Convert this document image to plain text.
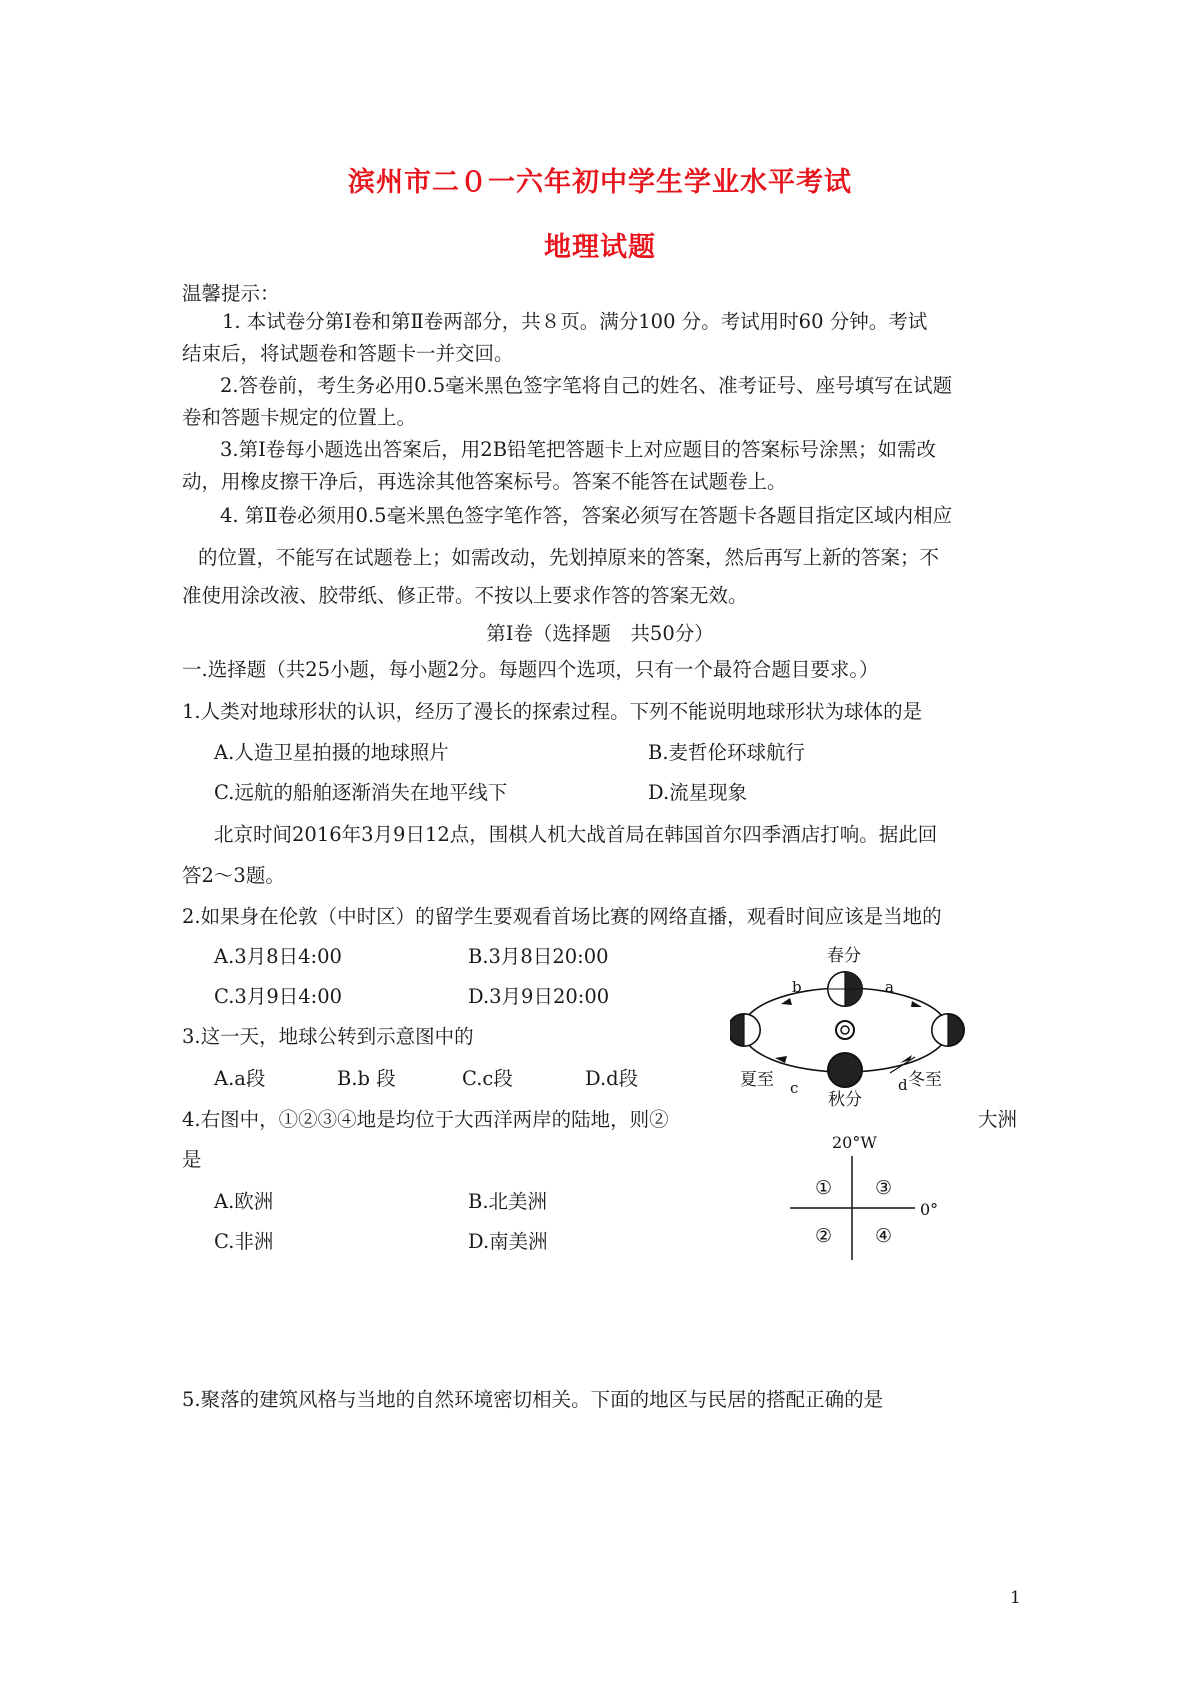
滨州市二０一六年初中学生学业水平考试
地理试题
温馨提示：
1. 本试卷分第Ⅰ卷和第Ⅱ卷两部分，共８页。满分100 分。考试用时60 分钟。考试
结束后，将试题卷和答题卡一并交回。
2.答卷前，考生务必用0.5毫米黑色签字笔将自己的姓名、准考证号、座号填写在试题
卷和答题卡规定的位置上。
3.第Ⅰ卷每小题选出答案后，用2B铅笔把答题卡上对应题目的答案标号涂黑；如需改
动，用橡皮擦干净后，再选涂其他答案标号。答案不能答在试题卷上。
4. 第Ⅱ卷必须用0.5毫米黑色签字笔作答，答案必须写在答题卡各题目指定区域内相应
的位置，不能写在试题卷上；如需改动，先划掉原来的答案，然后再写上新的答案；不
准使用涂改液、胶带纸、修正带。不按以上要求作答的答案无效。
第Ⅰ卷（选择题　共50分）
一.选择题（共25小题，每小题2分。每题四个选项，只有一个最符合题目要求。）
1.人类对地球形状的认识，经历了漫长的探索过程。下列不能说明地球形状为球体的是
A.人造卫星拍摄的地球照片	B.麦哲伦环球航行
C.远航的船舶逐渐消失在地平线下	D.流星现象
北京时间2016年3月9日12点，围棋人机大战首局在韩国首尔四季酒店打响。据此回
答2～3题。
2.如果身在伦敦（中时区）的留学生要观看首场比赛的网络直播，观看时间应该是当地的
A.3月8日4:00	B.3月8日20:00
C.3月9日4:00	D.3月9日20:00
3.这一天，地球公转到示意图中的
A.a段	B.b 段	C.c段	D.d段
4.右图中，①②③④地是均位于大西洋两岸的陆地，则②	大洲
是
A.欧洲	B.北美洲
C.非洲	D.南美洲
5.聚落的建筑风格与当地的自然环境密切相关。下面的地区与民居的搭配正确的是
春分
夏至	冬至
秋分
a
b
c	d
20°W
0°
① ③
② ④
1
